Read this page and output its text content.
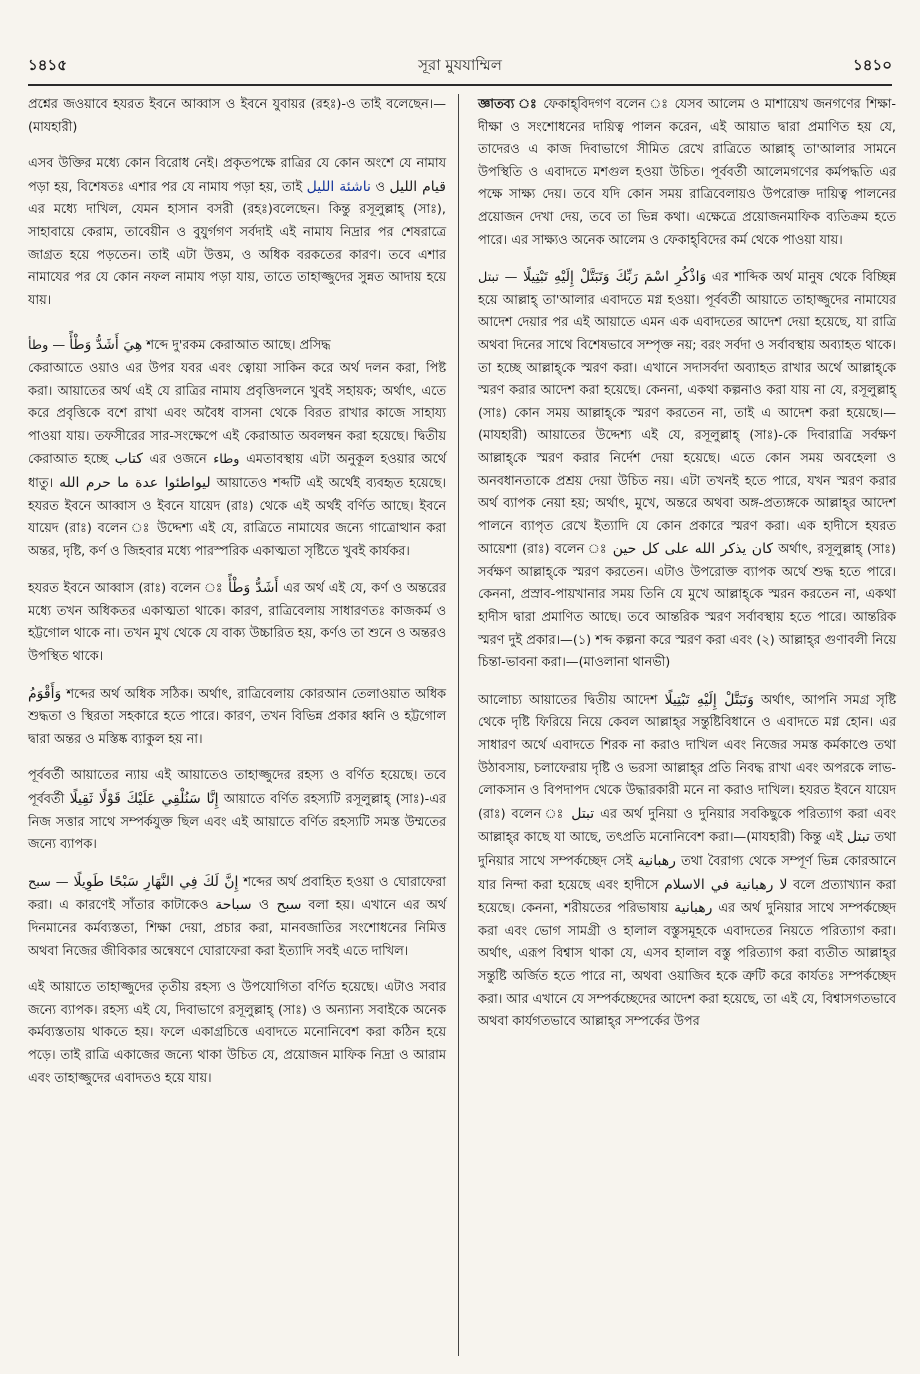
১৪১৫	সূরা মুযযাম্মিল	১৪১০

প্রশ্নের জওয়াবে হযরত ইবনে আব্বাস ও ইবনে যুবায়র (রহঃ)-ও তাই বলেছেন।—(মাযহারী)

এসব উক্তির মধ্যে কোন বিরোধ নেই। প্রকৃতপক্ষে রাত্রির যে কোন অংশে যে নামায পড়া হয়, বিশেষতঃ এশার পর যে নামায পড়া হয়, তাই ناشئة الليل ও قيام الليل এর মধ্যে দাখিল, যেমন হাসান বসরী (রহঃ)বলেছেন। কিন্তু রসূলুল্লাহ্ (সাঃ), সাহাবায়ে কেরাম, তাবেয়ীন ও বুযুর্গগণ সর্বদাই এই নামায নিদ্রার পর শেষরাত্রে জাগ্রত হয়ে পড়তেন। তাই এটা উত্তম, ও অধিক বরকতের কারণ। তবে এশার নামাযের পর যে কোন নফল নামায পড়া যায়, তাতে তাহাজ্জুদের সুন্নত আদায় হয়ে যায়।

هِيَ أَشَدُّ وَطْأً — وطأ শব্দে দু'রকম কেরাআত আছে। প্রসিদ্ধ
কেরাআতে ওয়াও এর উপর যবর এবং ত্বোয়া সাকিন করে অর্থ দলন করা, পিষ্ট করা। আয়াতের অর্থ এই যে রাত্রির নামায প্রবৃত্তিদলনে খুবই সহায়ক; অর্থাৎ, এতে করে প্রবৃত্তিকে বশে রাখা এবং অবৈধ বাসনা থেকে বিরত রাখার কাজে সাহায্য পাওয়া যায়। তফসীরের সার-সংক্ষেপে এই কেরাআত অবলম্বন করা হয়েছে। দ্বিতীয় কেরাআত হচ্ছে كتاب এর ওজনে وطاء এমতাবস্থায় এটা অনুকূল হওয়ার অর্থে ধাতু।	ليواطئوا عدة ما حرم الله	আয়াতেও শব্দটি এই অর্থেই ব্যবহৃত হয়েছে। হযরত ইবনে আব্বাস ও ইবনে যায়েদ (রাঃ) থেকে এই অর্থই বর্ণিত আছে। ইবনে যায়েদ (রাঃ) বলেন ঃ উদ্দেশ্য এই যে, রাত্রিতে নামাযের জন্যে গাত্রোত্থান করা অন্তর, দৃষ্টি, কর্ণ ও জিহবার মধ্যে পারস্পরিক একাত্মতা সৃষ্টিতে খুবই কার্যকর।

হযরত ইবনে আব্বাস (রাঃ) বলেন ঃ أَشَدُّ وَطْأً এর অর্থ এই যে, কর্ণ ও অন্তরের মধ্যে তখন অধিকতর একাত্মতা থাকে। কারণ, রাত্রিবেলায় সাধারণতঃ কাজকর্ম ও হট্টগোল থাকে না। তখন মুখ থেকে যে বাক্য উচ্চারিত হয়, কর্ণও তা শুনে ও অন্তরও উপস্থিত থাকে।

وَأَقْوَمُ শব্দের অর্থ অধিক সঠিক। অর্থাৎ, রাত্রিবেলায় কোরআন তেলাওয়াত অধিক শুদ্ধতা ও স্থিরতা সহকারে হতে পারে। কারণ, তখন বিভিন্ন প্রকার ধ্বনি ও হট্টগোল দ্বারা অন্তর ও মস্তিষ্ক ব্যাকুল হয় না।

পূর্ববর্তী আয়াতের ন্যায় এই আয়াতেও তাহাজ্জুদের রহস্য ও বর্ণিত হয়েছে। তবে পূর্ববর্তী إِنَّا سَنُلْقِي عَلَيْكَ قَوْلًا ثَقِيلًا আয়াতে বর্ণিত রহস্যটি রসূলুল্লাহ্ (সাঃ)-এর নিজ সত্তার সাথে সম্পর্কযুক্ত ছিল এবং এই আয়াতে বর্ণিত রহস্যটি সমস্ত উম্মতের জন্যে ব্যাপক।

إِنَّ لَكَ فِي النَّهَارِ سَبْحًا طَوِيلًا — سبح শব্দের অর্থ প্রবাহিত হওয়া ও ঘোরাফেরা করা। এ কারণেই সাঁতার কাটাকেও سباحة ও سبح বলা হয়। এখানে এর অর্থ দিনমানের কর্মব্যস্ততা, শিক্ষা দেয়া, প্রচার করা, মানবজাতির সংশোধনের নিমিত্ত অথবা নিজের জীবিকার অন্বেষণে ঘোরাফেরা করা ইত্যাদি সবই এতে দাখিল।

এই আয়াতে তাহাজ্জুদের তৃতীয় রহস্য ও উপযোগিতা বর্ণিত হয়েছে। এটাও সবার জন্যে ব্যাপক। রহস্য এই যে, দিবাভাগে রসূলুল্লাহ্ (সাঃ) ও অন্যান্য সবাইকে অনেক কর্মব্যস্ততায় থাকতে হয়। ফলে একাগ্রচিত্তে এবাদতে মনোনিবেশ করা কঠিন হয়ে পড়ে। তাই রাত্রি একাজের জন্যে থাকা উচিত যে, প্রয়োজন মাফিক নিদ্রা ও আরাম এবং তাহাজ্জুদের এবাদতও হয়ে যায়।

জ্ঞাতব্য ঃ ফেকাহ্‌বিদগণ বলেন ঃ যেসব আলেম ও মাশায়েখ জনগণের শিক্ষা-দীক্ষা ও সংশোধনের দায়িত্ব পালন করেন, এই আয়াত দ্বারা প্রমাণিত হয় যে, তাদেরও এ কাজ দিবাভাগে সীমিত রেখে রাত্রিতে আল্লাহ্ তা'আলার সামনে উপস্থিতি ও এবাদতে মশগুল হওয়া উচিত। পূর্ববর্তী আলেমগণের কর্মপদ্ধতি এর পক্ষে সাক্ষ্য দেয়। তবে যদি কোন সময় রাত্রিবেলায়ও উপরোক্ত দায়িত্ব পালনের প্রয়োজন দেখা দেয়, তবে তা ভিন্ন কথা। এক্ষেত্রে প্রয়োজনমাফিক ব্যতিক্রম হতে পারে। এর সাক্ষ্যও অনেক আলেম ও ফেকাহ্‌বিদের কর্ম থেকে পাওয়া যায়।

وَاذْكُرِ اسْمَ رَبِّكَ وَتَبَتَّلْ إِلَيْهِ تَبْتِيلًا — تبتل এর শাব্দিক অর্থ মানুষ থেকে বিচ্ছিন্ন হয়ে আল্লাহ্ তা'আলার এবাদতে মগ্ন হওয়া। পূর্ববর্তী আয়াতে তাহাজ্জুদের নামাযের আদেশ দেয়ার পর এই আয়াতে এমন এক এবাদতের আদেশ দেয়া হয়েছে, যা রাত্রি অথবা দিনের সাথে বিশেষভাবে সম্পৃক্ত নয়; বরং সর্বদা ও সর্বাবস্থায় অব্যাহত থাকে। তা হচ্ছে আল্লাহ্‌কে স্মরণ করা। এখানে সদাসর্বদা অব্যাহত রাখার অর্থে আল্লাহ্‌কে স্মরণ করার আদেশ করা হয়েছে। কেননা, একথা কল্পনাও করা যায় না যে, রসূলুল্লাহ্ (সাঃ) কোন সময় আল্লাহ্‌কে স্মরণ করতেন না, তাই এ আদেশ করা হয়েছে।—(মাযহারী) আয়াতের উদ্দেশ্য এই যে, রসূলুল্লাহ্ (সাঃ)-কে দিবারাত্রি সর্বক্ষণ আল্লাহ্‌কে স্মরণ করার নির্দেশ দেয়া হয়েছে। এতে কোন সময় অবহেলা ও অনবধানতাকে প্রশ্রয় দেয়া উচিত নয়। এটা তখনই হতে পারে, যখন স্মরণ করার অর্থ ব্যাপক নেয়া হয়; অর্থাৎ, মুখে, অন্তরে অথবা অঙ্গ-প্রত্যঙ্গকে আল্লাহ্‌র আদেশ পালনে ব্যাপৃত রেখে ইত্যাদি যে কোন প্রকারে স্মরণ করা। এক হাদীসে হযরত আয়েশা (রাঃ) বলেন ঃ كان يذكر الله على كل حين অর্থাৎ, রসূলুল্লাহ্ (সাঃ) সর্বক্ষণ আল্লাহ্‌কে স্মরণ করতেন। এটাও উপরোক্ত ব্যাপক অর্থে শুদ্ধ হতে পারে। কেননা, প্রস্রাব-পায়খানার সময় তিনি যে মুখে আল্লাহ্‌কে স্মরন করতেন না, একথা হাদীস দ্বারা প্রমাণিত আছে। তবে আন্তরিক স্মরণ সর্বাবস্থায় হতে পারে। আন্তরিক স্মরণ দুই প্রকার।—(১) শব্দ কল্পনা করে স্মরণ করা এবং (২) আল্লাহ্‌র গুণাবলী নিয়ে চিন্তা-ভাবনা করা।—(মাওলানা থানভী)

আলোচ্য আয়াতের দ্বিতীয় আদেশ وَتَبَتَّلْ إِلَيْهِ تَبْتِيلًا অর্থাৎ, আপনি সমগ্র সৃষ্টি থেকে দৃষ্টি ফিরিয়ে নিয়ে কেবল আল্লাহ্‌র সন্তুষ্টিবিধানে ও এবাদতে মগ্ন হোন। এর সাধারণ অর্থে এবাদতে শিরক না করাও দাখিল এবং নিজের সমস্ত কর্মকাণ্ডে তথা উঠাবসায়, চলাফেরায় দৃষ্টি ও ভরসা আল্লাহ্‌র প্রতি নিবদ্ধ রাখা এবং অপরকে লাভ-লোকসান ও বিপদাপদ থেকে উদ্ধারকারী মনে না করাও দাখিল। হযরত ইবনে যায়েদ (রাঃ) বলেন ঃ تبتل এর অর্থ দুনিয়া ও দুনিয়ার সবকিছুকে পরিত্যাগ করা এবং আল্লাহ্‌র কাছে যা আছে, তৎপ্রতি মনোনিবেশ করা।—(মাযহারী) কিন্তু এই تبتل তথা দুনিয়ার সাথে সম্পর্কচ্ছেদ সেই رهبانية তথা বৈরাগ্য থেকে সম্পূর্ণ ভিন্ন কোরআনে যার নিন্দা করা হয়েছে এবং হাদীসে لا رهبانية في الاسلام বলে প্রত্যাখ্যান করা হয়েছে। কেননা, শরীয়তের পরিভাষায় رهبانية এর অর্থ দুনিয়ার সাথে সম্পর্কচ্ছেদ করা এবং ভোগ সামগ্রী ও হালাল বস্তুসমূহকে এবাদতের নিয়তে পরিত্যাগ করা। অর্থাৎ, এরূপ বিশ্বাস থাকা যে, এসব হালাল বস্তু পরিত্যাগ করা ব্যতীত আল্লাহ্‌র সন্তুষ্টি অর্জিত হতে পারে না, অথবা ওয়াজিব হকে ত্রুটি করে কার্যতঃ সম্পর্কচ্ছেদ করা। আর এখানে যে সম্পর্কচ্ছেদের আদেশ করা হয়েছে, তা এই যে, বিশ্বাসগতভাবে অথবা কার্যগতভাবে আল্লাহ্‌র সম্পর্কের উপর
